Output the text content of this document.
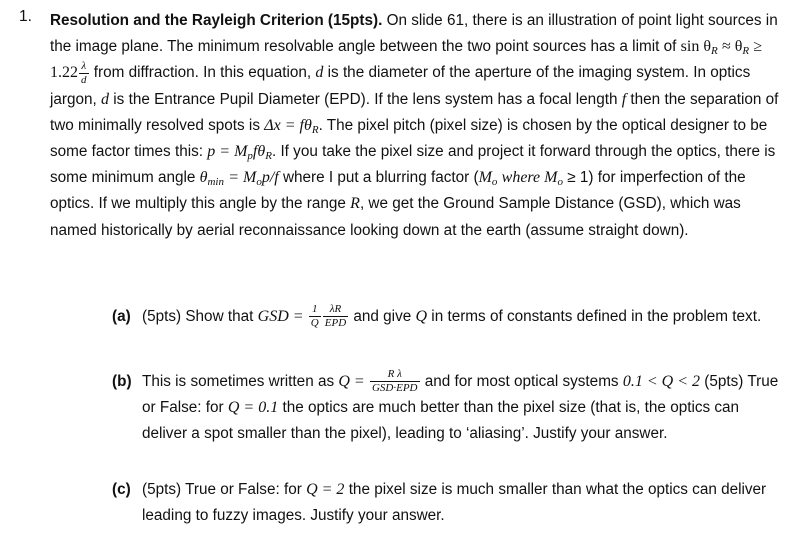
1. Resolution and the Rayleigh Criterion (15pts). On slide 61, there is an illustration of point light sources in the image plane. The minimum resolvable angle between the two point sources has a limit of $\sin \theta_R \approx \theta_R \ge 1.22 \frac{\lambda}{d}$ from diffraction. In this equation, d is the diameter of the aperture of the imaging system. In optics jargon, d is the Entrance Pupil Diameter (EPD). If the lens system has a focal length f then the separation of two minimally resolved spots is $\Delta x = f\theta_R$. The pixel pitch (pixel size) is chosen by the optical designer to be some factor times this: $p = M_pf\theta_R$. If you take the pixel size and project it forward through the optics, there is some minimum angle $\theta_{min} = M_op/f$ where I put a blurring factor ($M_o$ where $M_o \ge 1$) for imperfection of the optics. If we multiply this angle by the range R, we get the Ground Sample Distance (GSD), which was named historically by aerial reconnaissance looking down at the earth (assume straight down).
(a) (5pts) Show that GSD = $\frac{1}{Q} \frac{\lambda R}{\text{EPD}}$ and give Q in terms of constants defined in the problem text.
(b) This is sometimes written as $Q = \frac{\text{R λ}}{\text{GSD·EPD}}$ and for most optical systems 0.1 < Q < 2 (5pts) True or False: for Q = 0.1 the optics are much better than the pixel size (that is, the optics can deliver a spot smaller than the pixel), leading to ‘aliasing’. Justify your answer.
(c) (5pts) True or False: for Q = 2 the pixel size is much smaller than what the optics can deliver leading to fuzzy images. Justify your answer.
